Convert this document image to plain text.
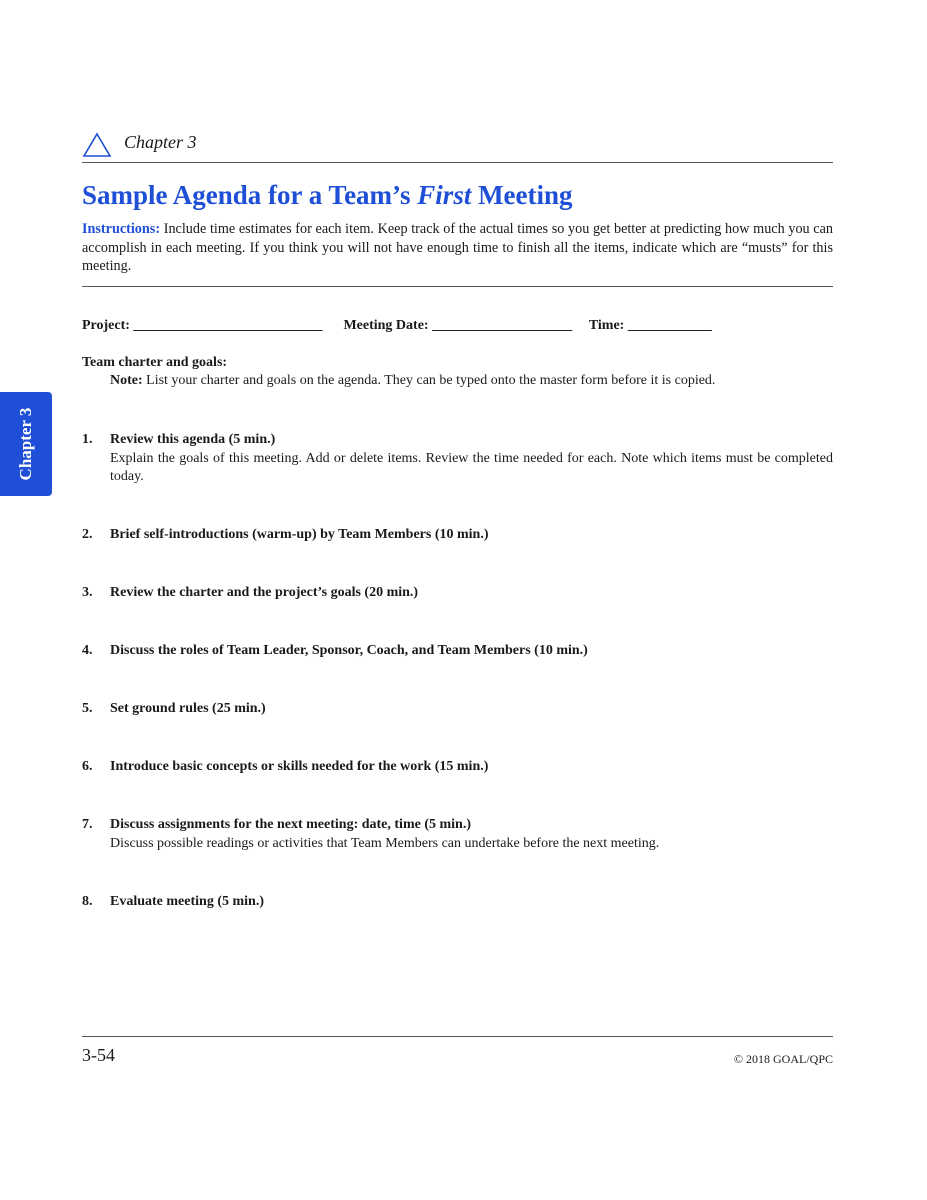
Chapter 3
Sample Agenda for a Team’s First Meeting
Instructions: Include time estimates for each item. Keep track of the actual times so you get better at predicting how much you can accomplish in each meeting. If you think you will not have enough time to finish all the items, indicate which are “musts” for this meeting.
Project: ___________________________ Meeting Date: ____________________ Time: ____________
Team charter and goals:
Note: List your charter and goals on the agenda. They can be typed onto the master form before it is copied.
Chapter 3	1. Review this agenda (5 min.)
Explain the goals of this meeting. Add or delete items. Review the time needed for each. Note which items must be completed today.
2. Brief self-introductions (warm-up) by Team Members (10 min.)
3. Review the charter and the project’s goals (20 min.)
4. Discuss the roles of Team Leader, Sponsor, Coach, and Team Members (10 min.)
5. Set ground rules (25 min.)
6. Introduce basic concepts or skills needed for the work (15 min.)
7. Discuss assignments for the next meeting: date, time (5 min.)
Discuss possible readings or activities that Team Members can undertake before the next meeting.
8. Evaluate meeting (5 min.)
3-54	© 2018 GOAL/QPC
